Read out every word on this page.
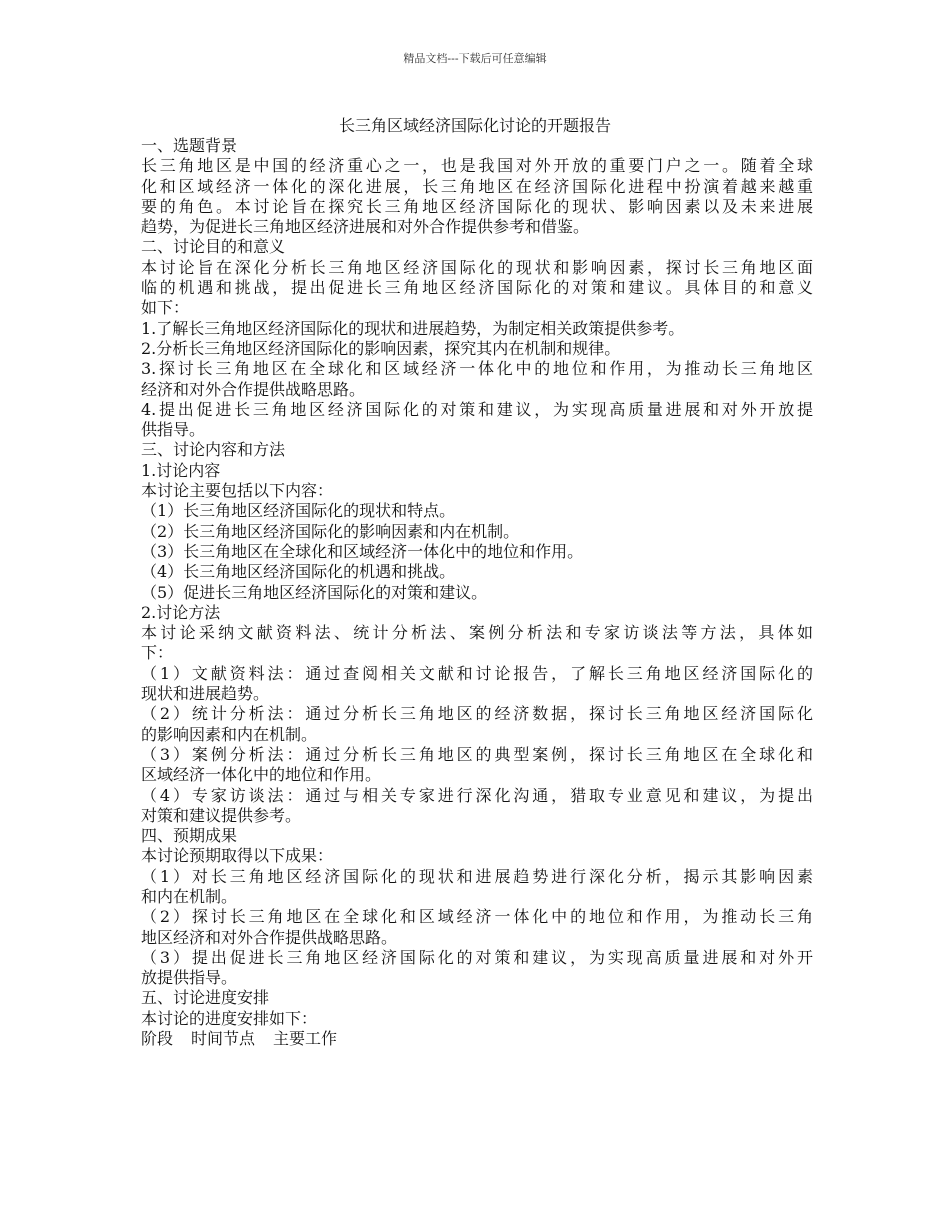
精品文档---下载后可任意编辑
长三角区域经济国际化讨论的开题报告
一、选题背景
长三角地区是中国的经济重心之一，也是我国对外开放的重要门户之一。随着全球
化和区域经济一体化的深化进展，长三角地区在经济国际化进程中扮演着越来越重
要的角色。本讨论旨在探究长三角地区经济国际化的现状、影响因素以及未来进展
趋势，为促进长三角地区经济进展和对外合作提供参考和借鉴。
二、讨论目的和意义
本讨论旨在深化分析长三角地区经济国际化的现状和影响因素，探讨长三角地区面
临的机遇和挑战，提出促进长三角地区经济国际化的对策和建议。具体目的和意义
如下：
1.了解长三角地区经济国际化的现状和进展趋势，为制定相关政策提供参考。
2.分析长三角地区经济国际化的影响因素，探究其内在机制和规律。
3.探讨长三角地区在全球化和区域经济一体化中的地位和作用，为推动长三角地区
经济和对外合作提供战略思路。
4.提出促进长三角地区经济国际化的对策和建议，为实现高质量进展和对外开放提
供指导。
三、讨论内容和方法
1.讨论内容
本讨论主要包括以下内容：
（1）长三角地区经济国际化的现状和特点。
（2）长三角地区经济国际化的影响因素和内在机制。
（3）长三角地区在全球化和区域经济一体化中的地位和作用。
（4）长三角地区经济国际化的机遇和挑战。
（5）促进长三角地区经济国际化的对策和建议。
2.讨论方法
本讨论采纳文献资料法、统计分析法、案例分析法和专家访谈法等方法，具体如
下：
（1）文献资料法：通过查阅相关文献和讨论报告，了解长三角地区经济国际化的
现状和进展趋势。
（2）统计分析法：通过分析长三角地区的经济数据，探讨长三角地区经济国际化
的影响因素和内在机制。
（3）案例分析法：通过分析长三角地区的典型案例，探讨长三角地区在全球化和
区域经济一体化中的地位和作用。
（4）专家访谈法：通过与相关专家进行深化沟通，猎取专业意见和建议，为提出
对策和建议提供参考。
四、预期成果
本讨论预期取得以下成果：
（1）对长三角地区经济国际化的现状和进展趋势进行深化分析，揭示其影响因素
和内在机制。
（2）探讨长三角地区在全球化和区域经济一体化中的地位和作用，为推动长三角
地区经济和对外合作提供战略思路。
（3）提出促进长三角地区经济国际化的对策和建议，为实现高质量进展和对外开
放提供指导。
五、讨论进度安排
本讨论的进度安排如下：
阶段 时间节点 主要工作
